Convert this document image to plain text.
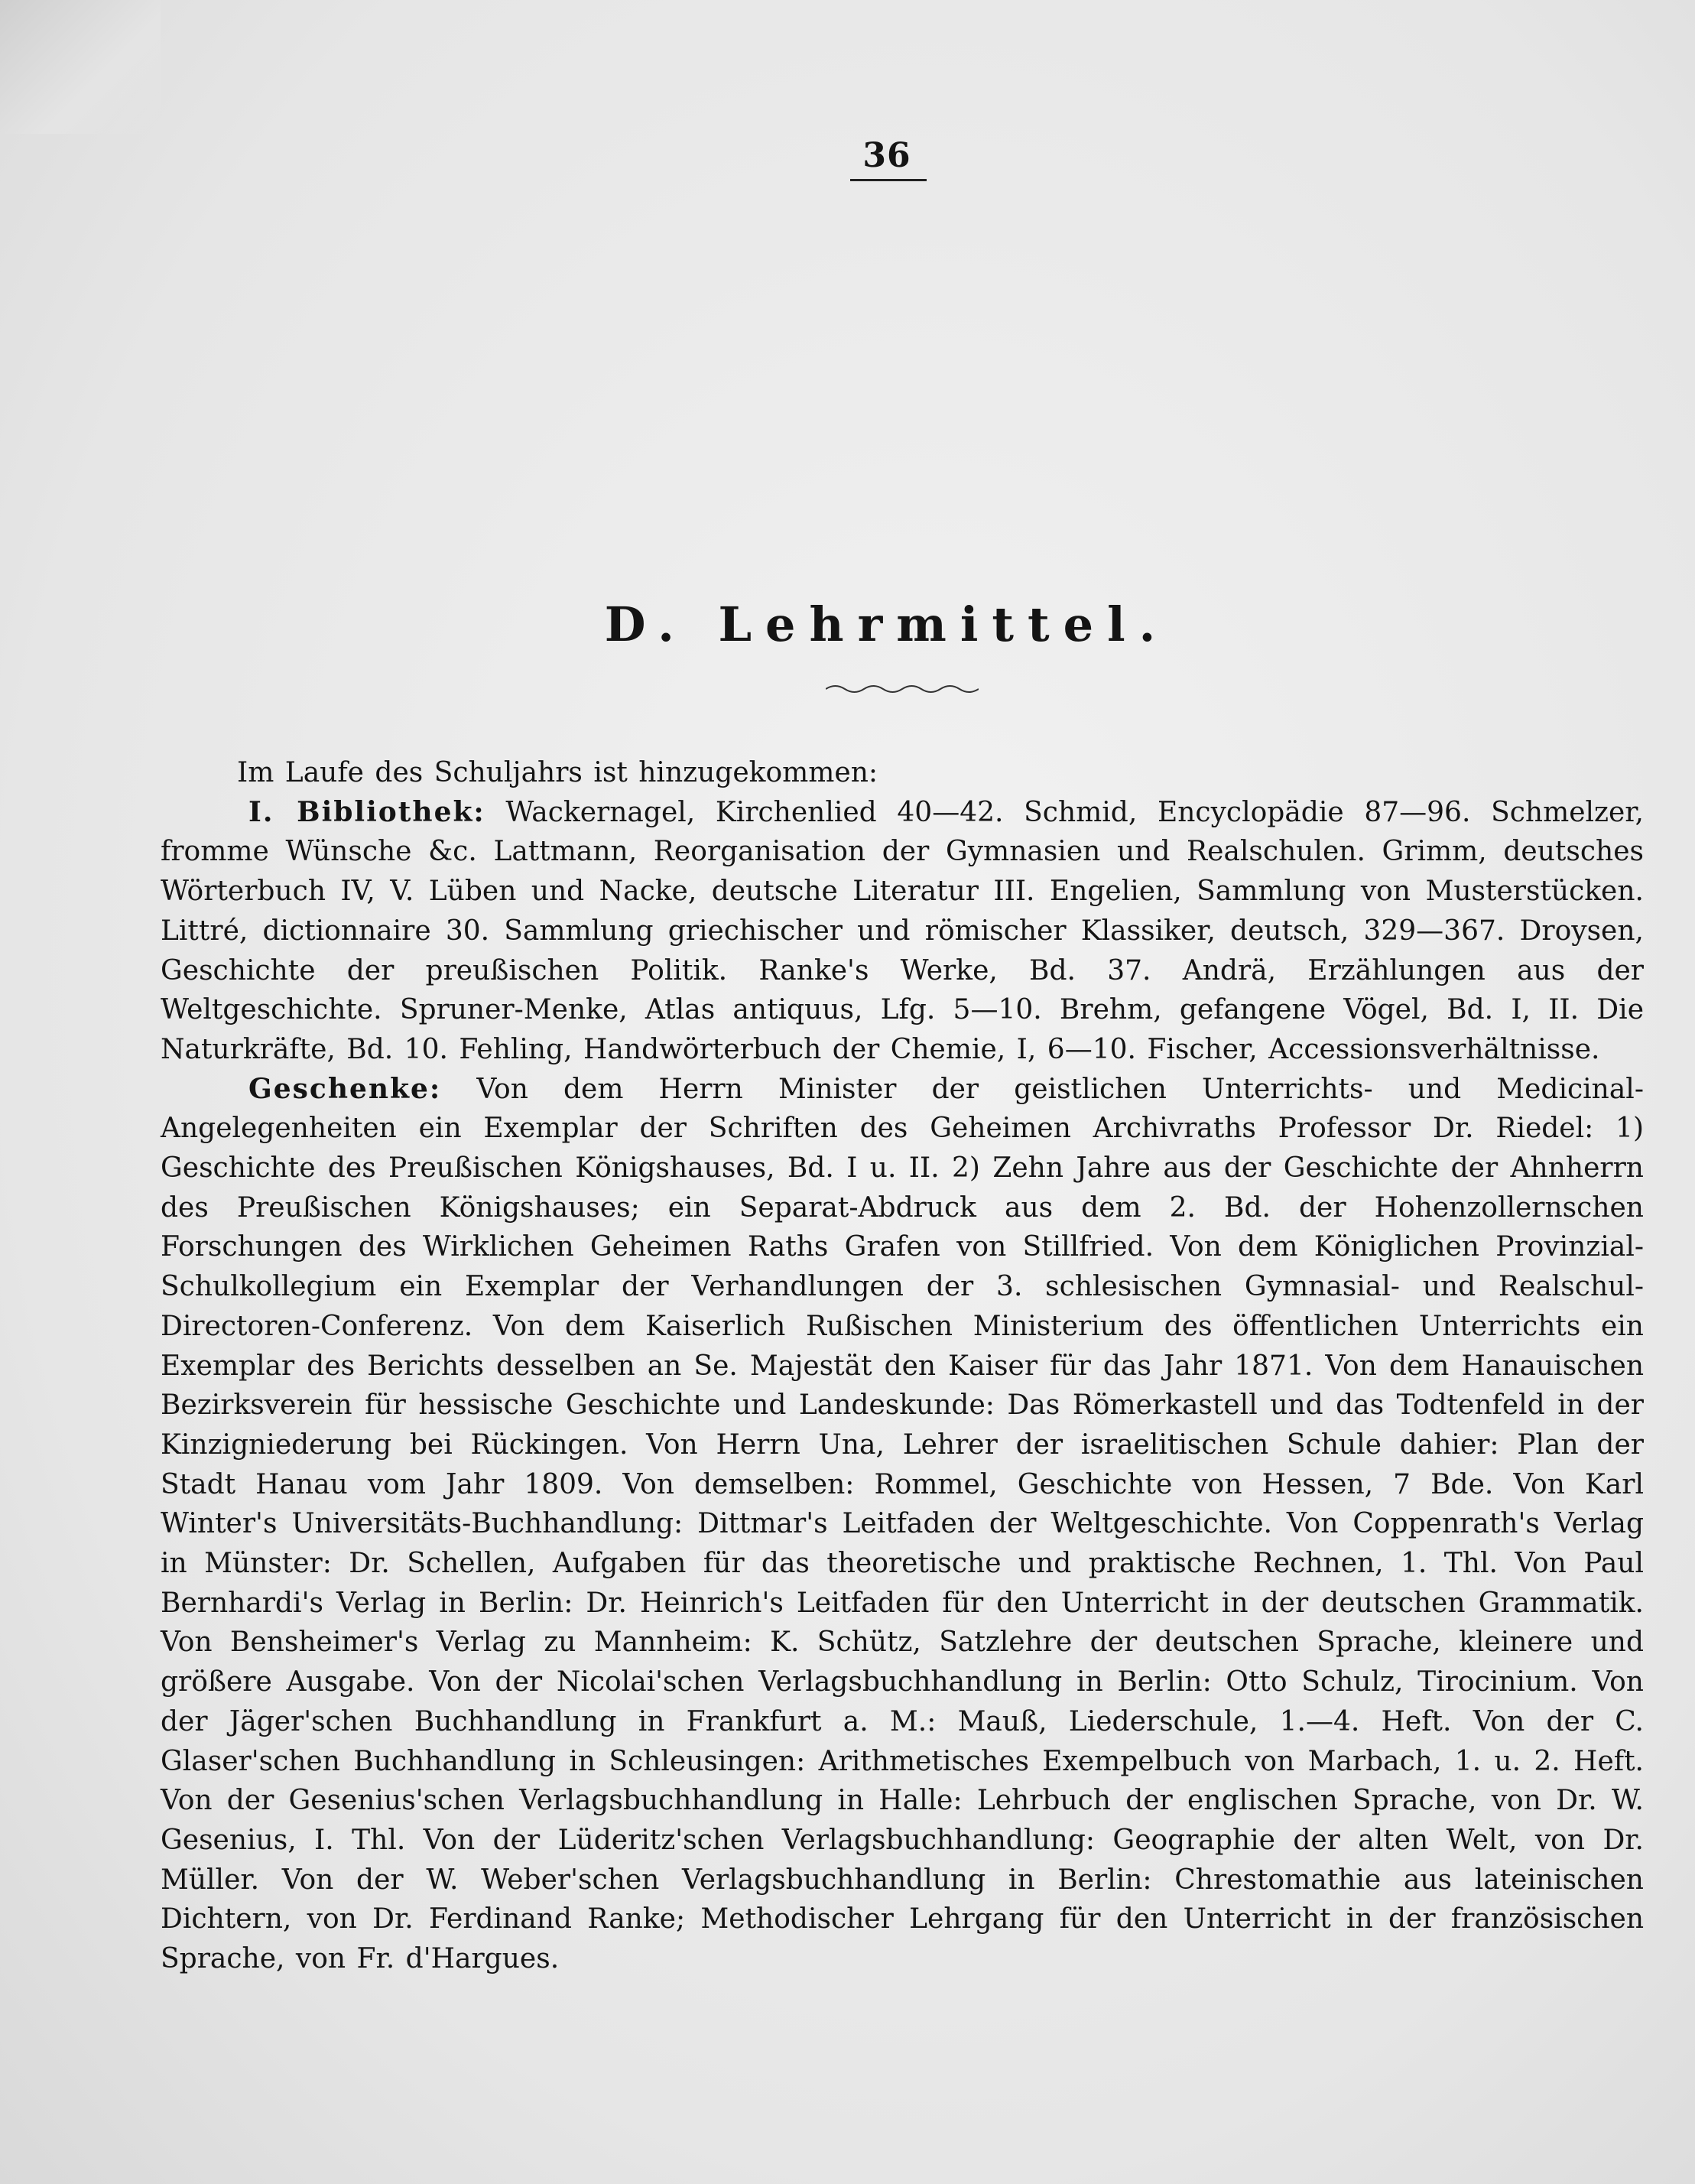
36
D. Lehrmittel.

Im Laufe des Schuljahrs ist hinzugekommen:

I. Bibliothek: Wackernagel, Kirchenlied 40—42. Schmid, Encyclopädie 87—96. Schmelzer, fromme Wünsche &c. Lattmann, Reorganisation der Gymnasien und Realschulen. Grimm, deutsches Wörterbuch IV, V. Lüben und Nacke, deutsche Literatur III. Engelien, Sammlung von Musterstücken. Littré, dictionnaire 30. Sammlung griechischer und römischer Klassiker, deutsch, 329—367. Droysen, Geschichte der preußischen Politik. Ranke's Werke, Bd. 37. Andrä, Erzählungen aus der Weltgeschichte. Spruner-Menke, Atlas antiquus, Lfg. 5—10. Brehm, gefangene Vögel, Bd. I, II. Die Naturkräfte, Bd. 10. Fehling, Handwörterbuch der Chemie, I, 6—10. Fischer, Accessionsverhältnisse.

Geschenke: Von dem Herrn Minister der geistlichen Unterrichts- und Medicinal-Angelegenheiten ein Exemplar der Schriften des Geheimen Archivraths Professor Dr. Riedel: 1) Geschichte des Preußischen Königshauses, Bd. I u. II. 2) Zehn Jahre aus der Geschichte der Ahnherrn des Preußischen Königshauses; ein Separat-Abdruck aus dem 2. Bd. der Hohenzollernschen Forschungen des Wirklichen Geheimen Raths Grafen von Stillfried. Von dem Königlichen Provinzial-Schulkollegium ein Exemplar der Verhandlungen der 3. schlesischen Gymnasial- und Realschul-Directoren-Conferenz. Von dem Kaiserlich Rußischen Ministerium des öffentlichen Unterrichts ein Exemplar des Berichts desselben an Se. Majestät den Kaiser für das Jahr 1871. Von dem Hanauischen Bezirksverein für hessische Geschichte und Landeskunde: Das Römerkastell und das Todtenfeld in der Kinzigniederung bei Rückingen. Von Herrn Una, Lehrer der israelitischen Schule dahier: Plan der Stadt Hanau vom Jahr 1809. Von demselben: Rommel, Geschichte von Hessen, 7 Bde. Von Karl Winter's Universitäts-Buchhandlung: Dittmar's Leitfaden der Weltgeschichte. Von Coppenrath's Verlag in Münster: Dr. Schellen, Aufgaben für das theoretische und praktische Rechnen, 1. Thl. Von Paul Bernhardi's Verlag in Berlin: Dr. Heinrich's Leitfaden für den Unterricht in der deutschen Grammatik. Von Bensheimer's Verlag zu Mannheim: K. Schütz, Satzlehre der deutschen Sprache, kleinere und größere Ausgabe. Von der Nicolai'schen Verlagsbuchhandlung in Berlin: Otto Schulz, Tirocinium. Von der Jäger'schen Buchhandlung in Frankfurt a. M.: Mauß, Liederschule, 1.—4. Heft. Von der C. Glaser'schen Buchhandlung in Schleusingen: Arithmetisches Exempelbuch von Marbach, 1. u. 2. Heft. Von der Gesenius'schen Verlagsbuchhandlung in Halle: Lehrbuch der englischen Sprache, von Dr. W. Gesenius, I. Thl. Von der Lüderitz'schen Verlagsbuchhandlung: Geographie der alten Welt, von Dr. Müller. Von der W. Weber'schen Verlagsbuchhandlung in Berlin: Chrestomathie aus lateinischen Dichtern, von Dr. Ferdinand Ranke; Methodischer Lehrgang für den Unterricht in der französischen Sprache, von Fr. d'Hargues.
